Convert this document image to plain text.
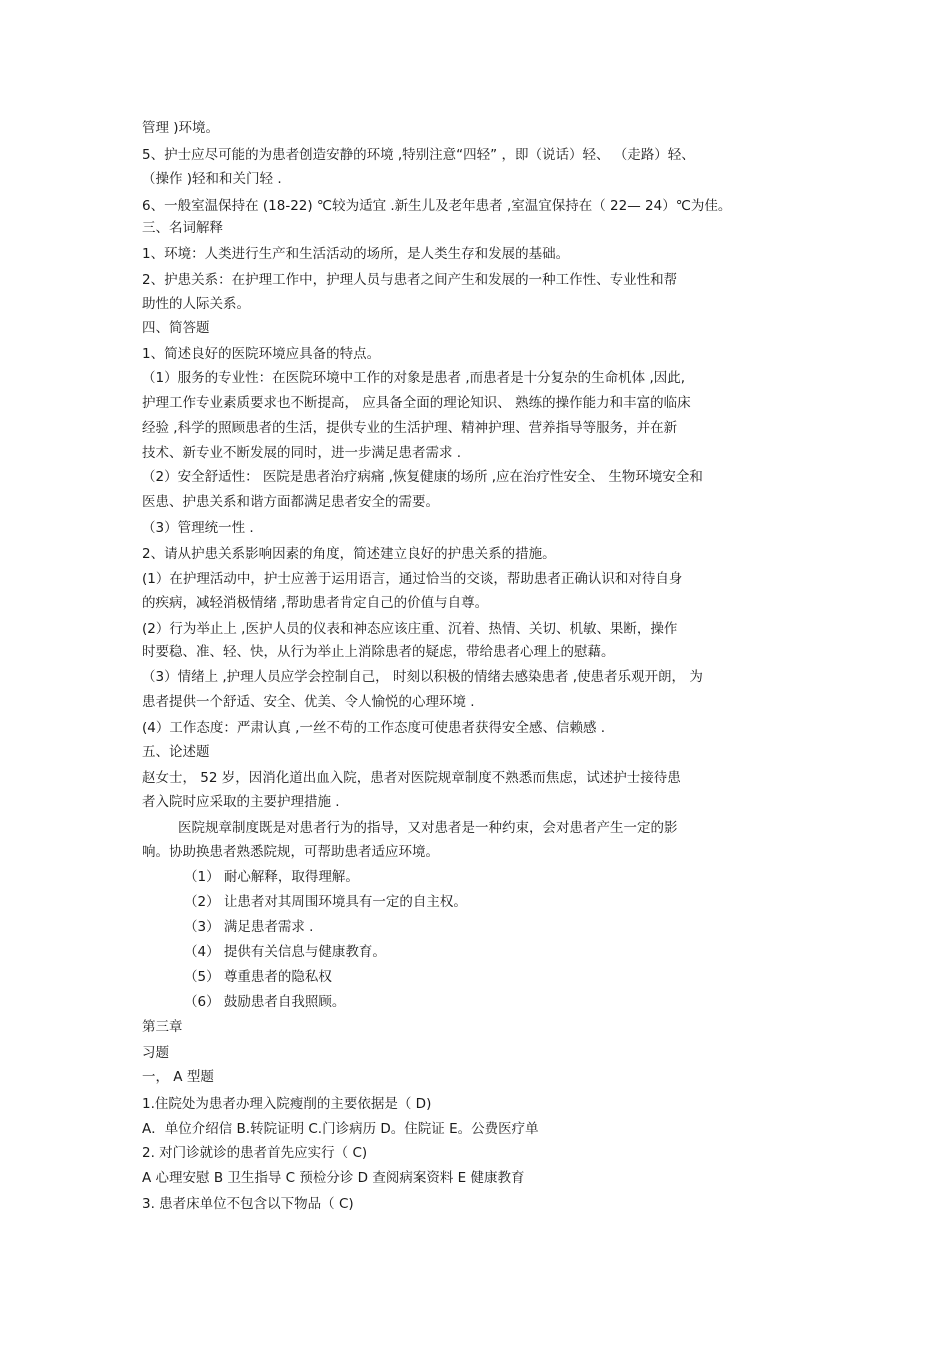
管理 )环境。
5、护士应尽可能的为患者创造安静的环境 ,特别注意“四轻” ，即（说话）轻、 （走路）轻、
（操作 )轻和和关门轻 .
6、一般室温保持在 (18-22) ℃较为适宜 .新生儿及老年患者 ,室温宜保持在（ 22— 24）℃为佳。
三、名词解释
1、环境：人类进行生产和生活活动的场所，是人类生存和发展的基础。
2、护患关系：在护理工作中，护理人员与患者之间产生和发展的一种工作性、专业性和帮
助性的人际关系。
四、简答题
1、简述良好的医院环境应具备的特点。
（1）服务的专业性：在医院环境中工作的对象是患者 ,而患者是十分复杂的生命机体 ,因此,
护理工作专业素质要求也不断提高， 应具备全面的理论知识、 熟练的操作能力和丰富的临床
经验 ,科学的照顾患者的生活，提供专业的生活护理、精神护理、营养指导等服务，并在新
技术、新专业不断发展的同时，进一步满足患者需求 .
（2）安全舒适性： 医院是患者治疗病痛 ,恢复健康的场所 ,应在治疗性安全、 生物环境安全和
医患、护患关系和谐方面都满足患者安全的需要。
（3）管理统一性 .
2、请从护患关系影响因素的角度，简述建立良好的护患关系的措施。
(1）在护理活动中，护士应善于运用语言，通过恰当的交谈，帮助患者正确认识和对待自身
的疾病，减轻消极情绪 ,帮助患者肯定自己的价值与自尊。
(2）行为举止上 ,医护人员的仪表和神态应该庄重、沉着、热情、关切、机敏、果断，操作
时要稳、准、轻、快，从行为举止上消除患者的疑虑，带给患者心理上的慰藉。
（3）情绪上 ,护理人员应学会控制自己， 时刻以积极的情绪去感染患者 ,使患者乐观开朗， 为
患者提供一个舒适、安全、优美、令人愉悦的心理环境 .
(4）工作态度：严肃认真 ,一丝不苟的工作态度可使患者获得安全感、信赖感 .
五、论述题
赵女士， 52 岁，因消化道出血入院，患者对医院规章制度不熟悉而焦虑，试述护士接待患
者入院时应采取的主要护理措施 .
医院规章制度既是对患者行为的指导，又对患者是一种约束，会对患者产生一定的影
响。协助换患者熟悉院规，可帮助患者适应环境。
（1） 耐心解释，取得理解。
（2） 让患者对其周围环境具有一定的自主权。
（3） 满足患者需求 .
（4） 提供有关信息与健康教育。
（5） 尊重患者的隐私权
（6） 鼓励患者自我照顾。
第三章
习题
一， A 型题
1.住院处为患者办理入院瘦削的主要依据是（ D)
A．单位介绍信 B.转院证明 C.门诊病历 D。住院证 E。公费医疗单
2. 对门诊就诊的患者首先应实行（ C)
A 心理安慰 B 卫生指导 C 预检分诊 D 查阅病案资料 E 健康教育
3. 患者床单位不包含以下物品（ C)
